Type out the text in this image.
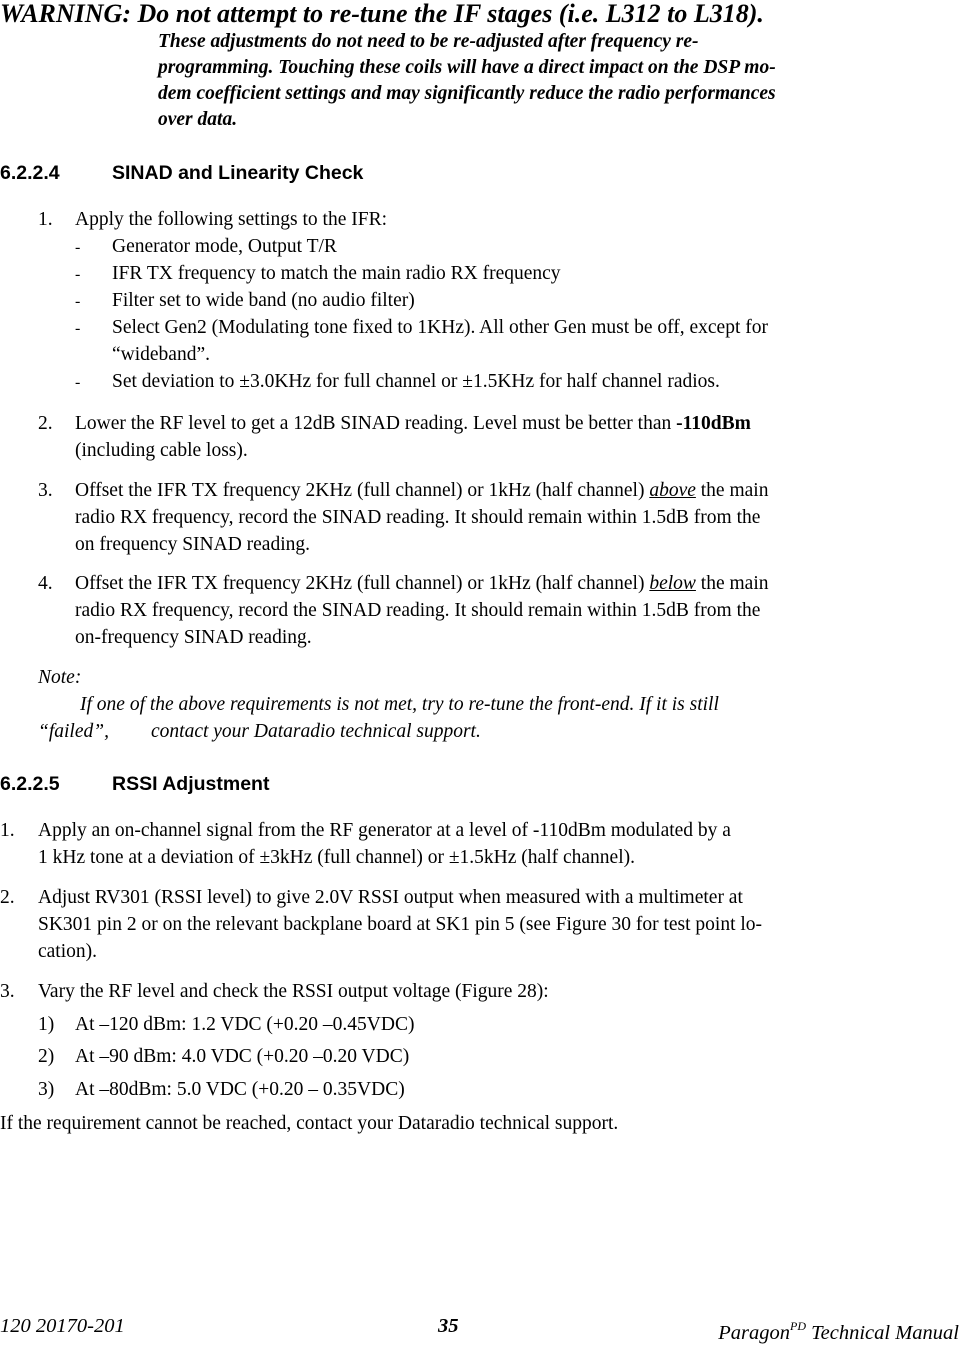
WARNING: Do not attempt to re-tune the IF stages (i.e. L312 to L318).
These adjustments do not need to be re-adjusted after frequency re-
programming. Touching these coils will have a direct impact on the DSP mo-
dem coefficient settings and may significantly reduce the radio performances
over data.
6.2.2.4	SINAD and Linearity Check
1. Apply the following settings to the IFR:
- Generator mode, Output T/R
- IFR TX frequency to match the main radio RX frequency
- Filter set to wide band (no audio filter)
- Select Gen2 (Modulating tone fixed to 1KHz). All other Gen must be off, except for
“wideband”.
- Set deviation to ±3.0KHz for full channel or ±1.5KHz for half channel radios.
2. Lower the RF level to get a 12dB SINAD reading. Level must be better than -110dBm
(including cable loss).
3. Offset the IFR TX frequency 2KHz (full channel) or 1kHz (half channel) above the main
radio RX frequency, record the SINAD reading. It should remain within 1.5dB from the
on frequency SINAD reading.
4. Offset the IFR TX frequency 2KHz (full channel) or 1kHz (half channel) below the main
radio RX frequency, record the SINAD reading. It should remain within 1.5dB from the
on-frequency SINAD reading.
Note:
If one of the above requirements is not met, try to re-tune the front-end. If it is still
“failed”, contact your Dataradio technical support.
6.2.2.5	RSSI Adjustment
1. Apply an on-channel signal from the RF generator at a level of -110dBm modulated by a
1 kHz tone at a deviation of ±3kHz (full channel) or ±1.5kHz (half channel).
2. Adjust RV301 (RSSI level) to give 2.0V RSSI output when measured with a multimeter at
SK301 pin 2 or on the relevant backplane board at SK1 pin 5 (see Figure 30 for test point lo-
cation).
3. Vary the RF level and check the RSSI output voltage (Figure 28):
1) At –120 dBm: 1.2 VDC (+0.20 –0.45VDC)
2) At –90 dBm: 4.0 VDC (+0.20 –0.20 VDC)
3) At –80dBm: 5.0 VDC (+0.20 – 0.35VDC)
If the requirement cannot be reached, contact your Dataradio technical support.
120 20170-201	35	Paragon$^{PD}$ Technical Manual
